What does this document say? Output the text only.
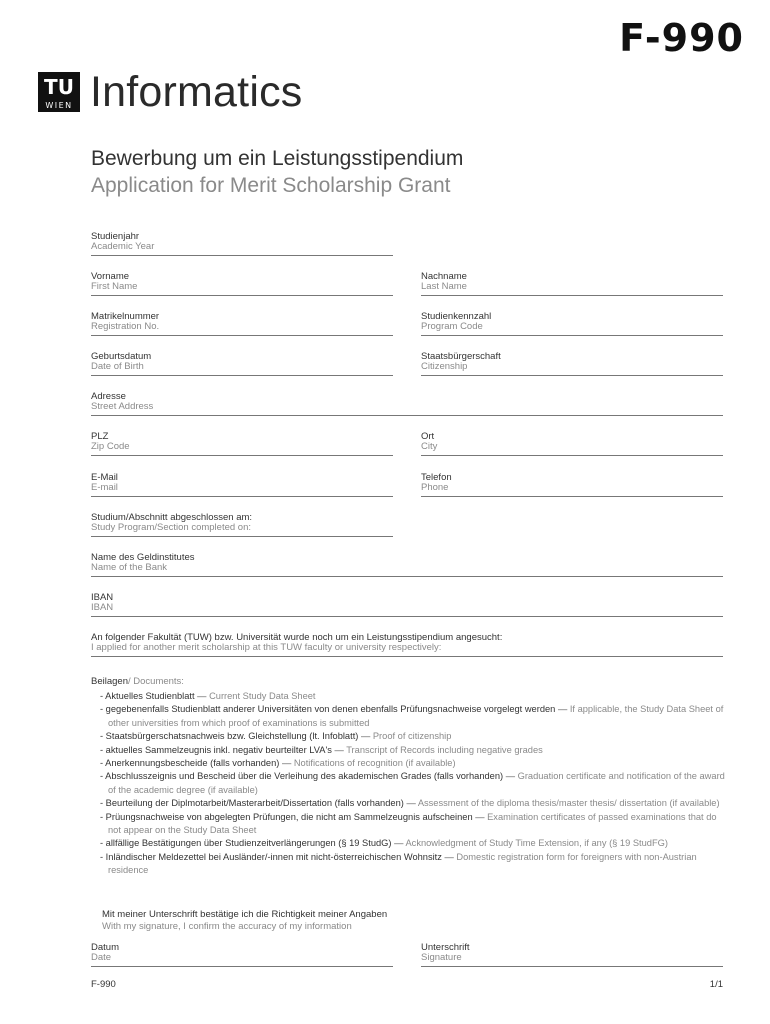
F-990
TU
WIEN Informatics
Bewerbung um ein Leistungsstipendium
Application for Merit Scholarship Grant
Studienjahr
Academic Year
Vorname
First Name
Nachname
Last Name
Matrikelnummer
Registration No.
Studienkennzahl
Program Code
Geburtsdatum
Date of Birth
Staatsbürgerschaft
Citizenship
Adresse
Street Address
PLZ
Zip Code
Ort
City
E-Mail
E-mail
Telefon
Phone
Studium/Abschnitt abgeschlossen am:
Study Program/Section completed on:
Name des Geldinstitutes
Name of the Bank
IBAN
IBAN
An folgender Fakultät (TUW) bzw. Universität wurde noch um ein Leistungsstipendium angesucht:
I applied for another merit scholarship at this TUW faculty or university respectively:
Beilagen/ Documents:
- Aktuelles Studienblatt — Current Study Data Sheet
- gegebenenfalls Studienblatt anderer Universitäten von denen ebenfalls Prüfungsnachweise vorgelegt werden — If applicable, the Study Data Sheet of other universities from which proof of examinations is submitted
- Staatsbürgerschatsnachweis bzw. Gleichstellung (lt. Infoblatt) — Proof of citizenship
- aktuelles Sammelzeugnis inkl. negativ beurteilter LVA's — Transcript of Records including negative grades
- Anerkennungsbescheide (falls vorhanden) — Notifications of recognition (if available)
- Abschlusszeignis und Bescheid über die Verleihung des akademischen Grades (falls vorhanden) — Graduation certificate and notification of the award of the academic degree (if available)
- Beurteilung der Diplmotarbeit/Masterarbeit/Dissertation (falls vorhanden) — Assessment of the diploma thesis/master thesis/ dissertation (if available)
- Prüungsnachweise von abgelegten Prüfungen, die nicht am Sammelzeugnis aufscheinen — Examination certificates of passed examinations that do not appear on the Study Data Sheet
- allfällige Bestätigungen über Studienzeitverlängerungen (§ 19 StudG) — Acknowledgment of Study Time Extension, if any (§ 19 StudFG)
- Inländischer Meldezettel bei Ausländer/-innen mit nicht-österreichischen Wohnsitz — Domestic registration form for foreigners with non-Austrian residence
Mit meiner Unterschrift bestätige ich die Richtigkeit meiner Angaben
With my signature, I confirm the accuracy of my information
Datum
Date
Unterschrift
Signature
F-990	1/1
